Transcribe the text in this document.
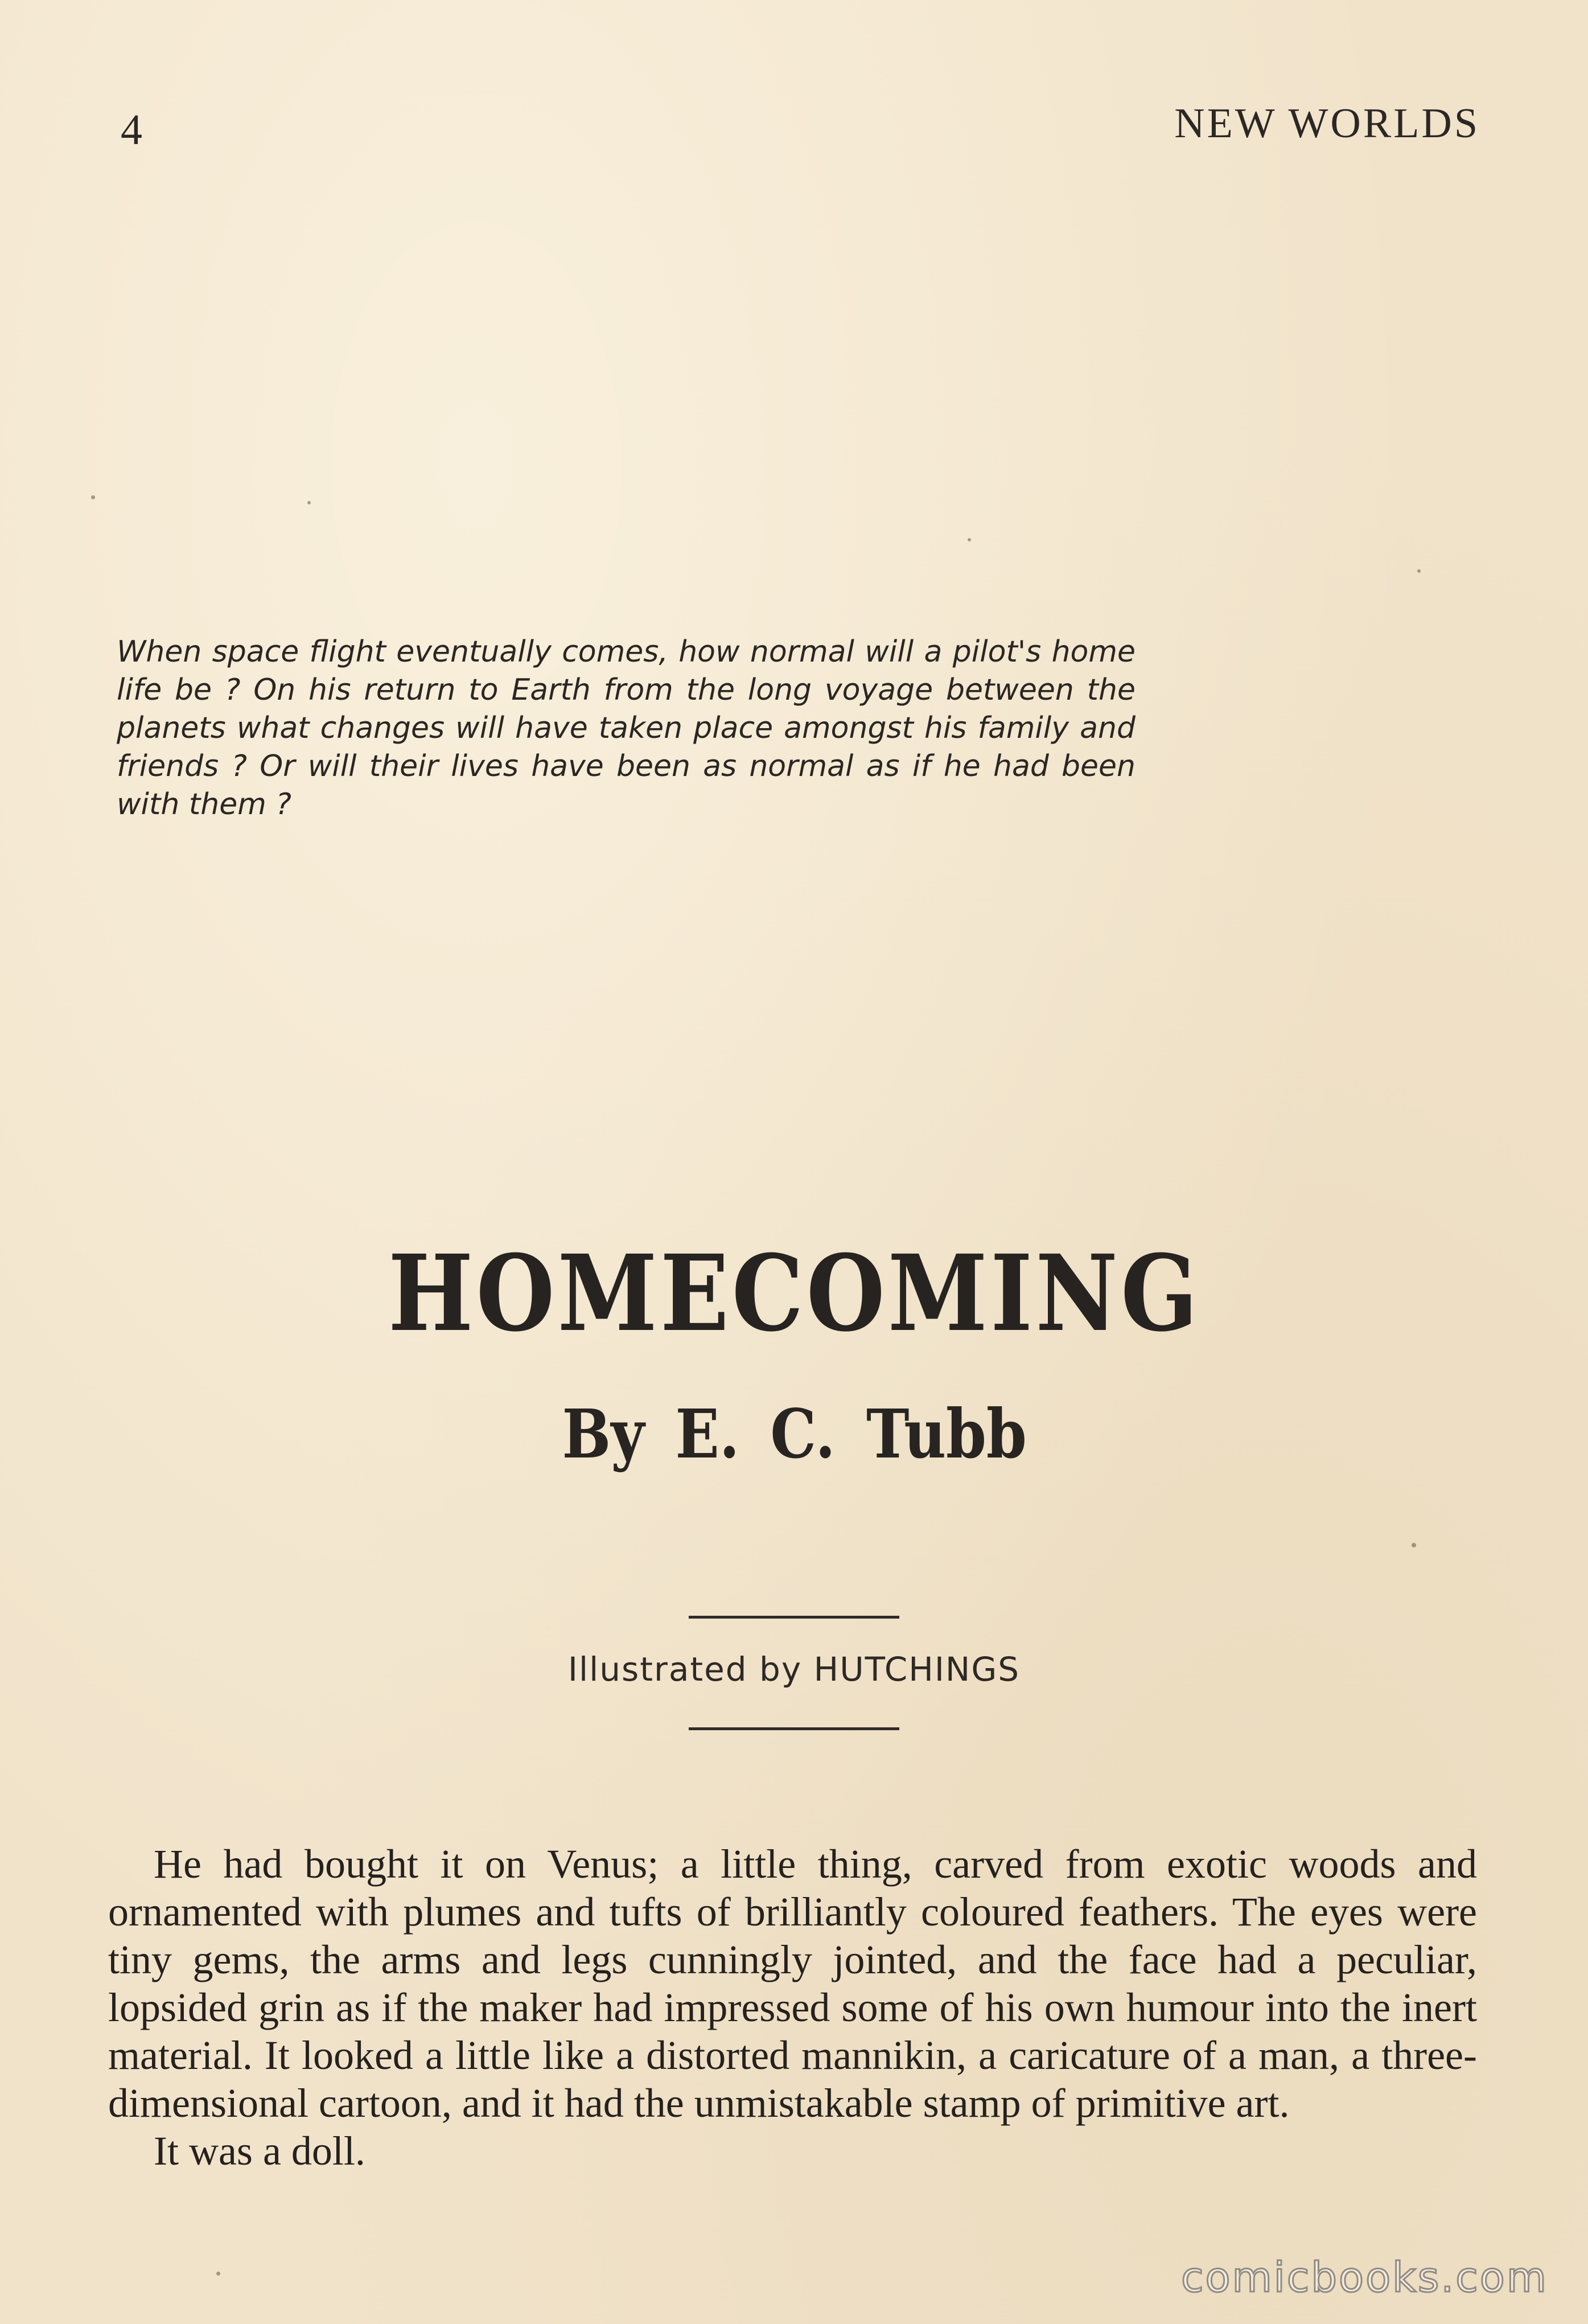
4	NEW WORLDS
When space flight eventually comes, how normal will a pilot's home life be ? On his return to Earth from the long voyage between the planets what changes will have taken place amongst his family and friends ? Or will their lives have been as normal as if he had been with them ?
HOMECOMING
By E. C. Tubb
Illustrated by HUTCHINGS

He had bought it on Venus; a little thing, carved from exotic woods and ornamented with plumes and tufts of brilliantly coloured feathers. The eyes were tiny gems, the arms and legs cunningly jointed, and the face had a peculiar, lopsided grin as if the maker had impressed some of his own humour into the inert material. It looked a little like a distorted mannikin, a caricature of a man, a three-dimensional cartoon, and it had the unmistakable stamp of primitive art.

It was a doll.

comicbooks.com
